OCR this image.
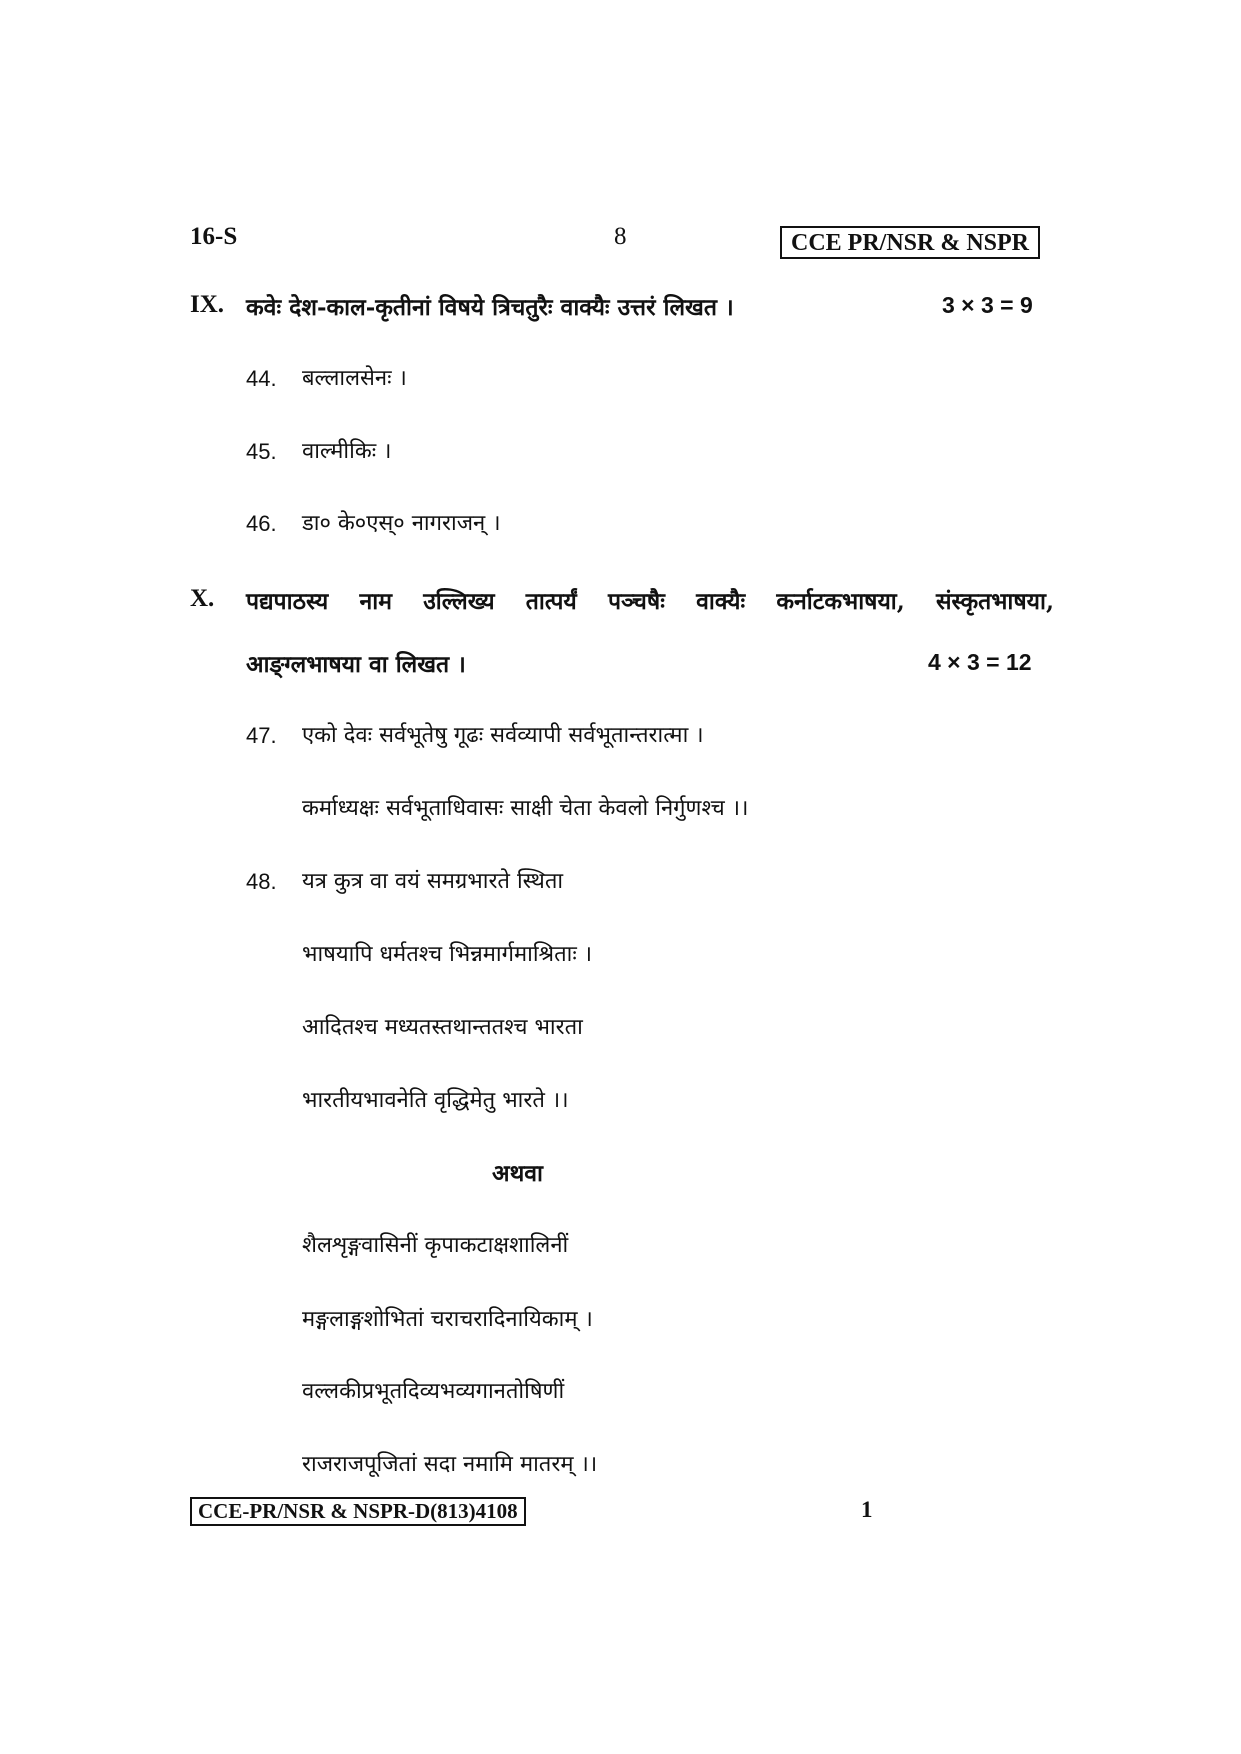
16-S	8	CCE PR/NSR & NSPR
IX. कवेः देश-काल-कृतीनां विषये त्रिचतुरैः वाक्यैः उत्तरं लिखत ।	3 × 3 = 9
44. बल्लालसेनः ।
45. वाल्मीकिः ।
46. डा० के०एस्० नागराजन् ।
X. पद्यपाठस्य नाम उल्लिख्य तात्पर्यं पञ्चषैः वाक्यैः कर्नाटकभाषया, संस्कृतभाषया,
आङ्ग्लभाषया वा लिखत ।	4 × 3 = 12
47. एको देवः सर्वभूतेषु गूढः सर्वव्यापी सर्वभूतान्तरात्मा ।
कर्माध्यक्षः सर्वभूताधिवासः साक्षी चेता केवलो निर्गुणश्च ।।
48. यत्र कुत्र वा वयं समग्रभारते स्थिता
भाषयापि धर्मतश्च भिन्नमार्गमाश्रिताः ।
आदितश्च मध्यतस्तथान्ततश्च भारता
भारतीयभावनेति वृद्धिमेतु भारते ।।
अथवा
शैलशृङ्गवासिनीं कृपाकटाक्षशालिनीं
मङ्गलाङ्गशोभितां चराचरादिनायिकाम् ।
वल्लकीप्रभूतदिव्यभव्यगानतोषिणीं
राजराजपूजितां सदा नमामि मातरम् ।।
CCE-PR/NSR & NSPR-D(813)4108	1
